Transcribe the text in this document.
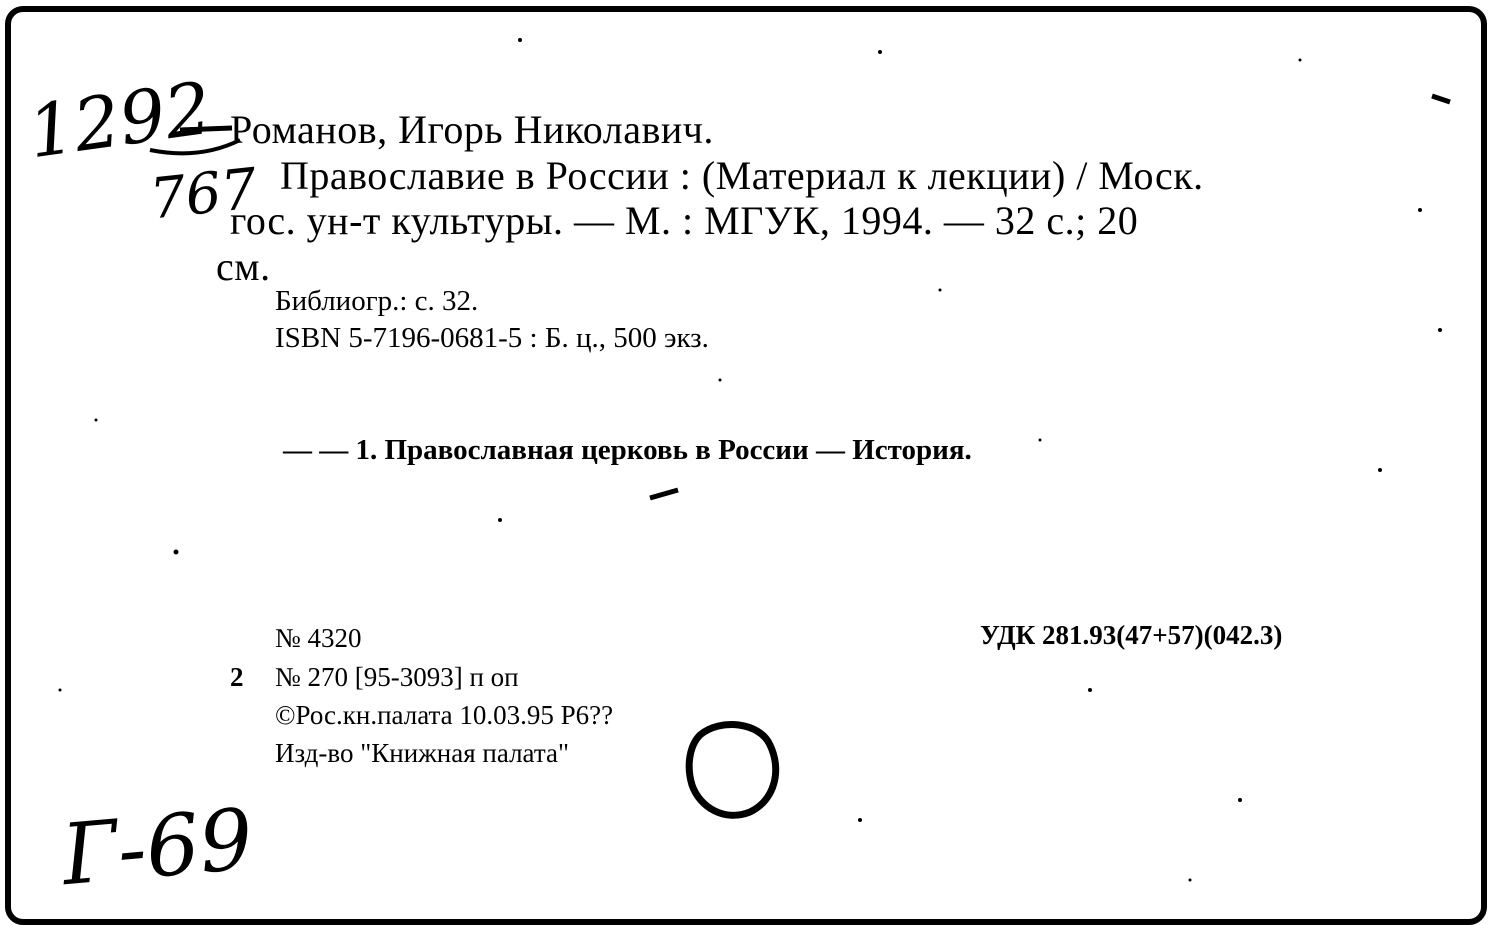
1292
767
Г-69
Романов, Игорь Николавич.
Православие в России : (Материал к лекции) / Моск.
гос. ун-т культуры. — М. : МГУК, 1994. — 32 с.; 20
см.
Библиогр.: с. 32.
ISBN 5-7196-0681-5 : Б. ц., 500 экз.
— — 1. Православная церковь в России — История.
№ 4320
2 № 270 [95-3093] п оп
©Рос.кн.палата 10.03.95 Р6??
Изд-во "Книжная палата"
УДК 281.93(47+57)(042.3)
